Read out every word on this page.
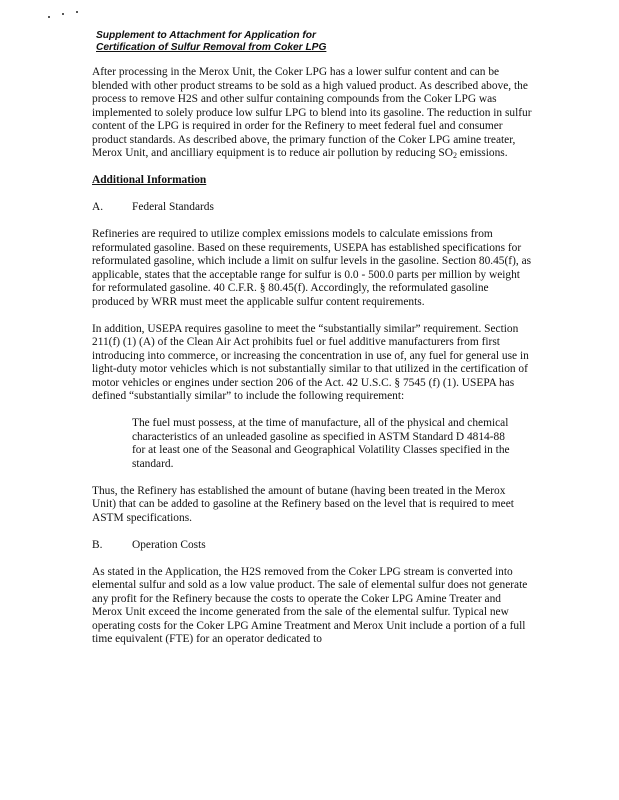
Supplement to Attachment for Application for
Certification of Sulfur Removal from Coker LPG

After processing in the Merox Unit, the Coker LPG has a lower sulfur content and can be blended with other product streams to be sold as a high valued product. As described above, the process to remove H2S and other sulfur containing compounds from the Coker LPG was implemented to solely produce low sulfur LPG to blend into its gasoline. The reduction in sulfur content of the LPG is required in order for the Refinery to meet federal fuel and consumer product standards. As described above, the primary function of the Coker LPG amine treater, Merox Unit, and ancilliary equipment is to reduce air pollution by reducing $SO_2$ emissions.

Additional Information

A.	Federal Standards

Refineries are required to utilize complex emissions models to calculate emissions from reformulated gasoline. Based on these requirements, USEPA has established specifications for reformulated gasoline, which include a limit on sulfur levels in the gasoline. Section 80.45(f), as applicable, states that the acceptable range for sulfur is 0.0 - 500.0 parts per million by weight for reformulated gasoline. 40 C.F.R. § 80.45(f). Accordingly, the reformulated gasoline produced by WRR must meet the applicable sulfur content requirements.

In addition, USEPA requires gasoline to meet the “substantially similar” requirement. Section 211(f) (1) (A) of the Clean Air Act prohibits fuel or fuel additive manufacturers from first introducing into commerce, or increasing the concentration in use of, any fuel for general use in light-duty motor vehicles which is not substantially similar to that utilized in the certification of motor vehicles or engines under section 206 of the Act. 42 U.S.C. § 7545 (f) (1). USEPA has defined “substantially similar” to include the following requirement:

The fuel must possess, at the time of manufacture, all of the physical and chemical characteristics of an unleaded gasoline as specified in ASTM Standard D 4814-88 for at least one of the Seasonal and Geographical Volatility Classes specified in the standard.

Thus, the Refinery has established the amount of butane (having been treated in the Merox Unit) that can be added to gasoline at the Refinery based on the level that is required to meet ASTM specifications.

B.	Operation Costs

As stated in the Application, the H2S removed from the Coker LPG stream is converted into elemental sulfur and sold as a low value product. The sale of elemental sulfur does not generate any profit for the Refinery because the costs to operate the Coker LPG Amine Treater and Merox Unit exceed the income generated from the sale of the elemental sulfur. Typical new operating costs for the Coker LPG Amine Treatment and Merox Unit include a portion of a full time equivalent (FTE) for an operator dedicated to
